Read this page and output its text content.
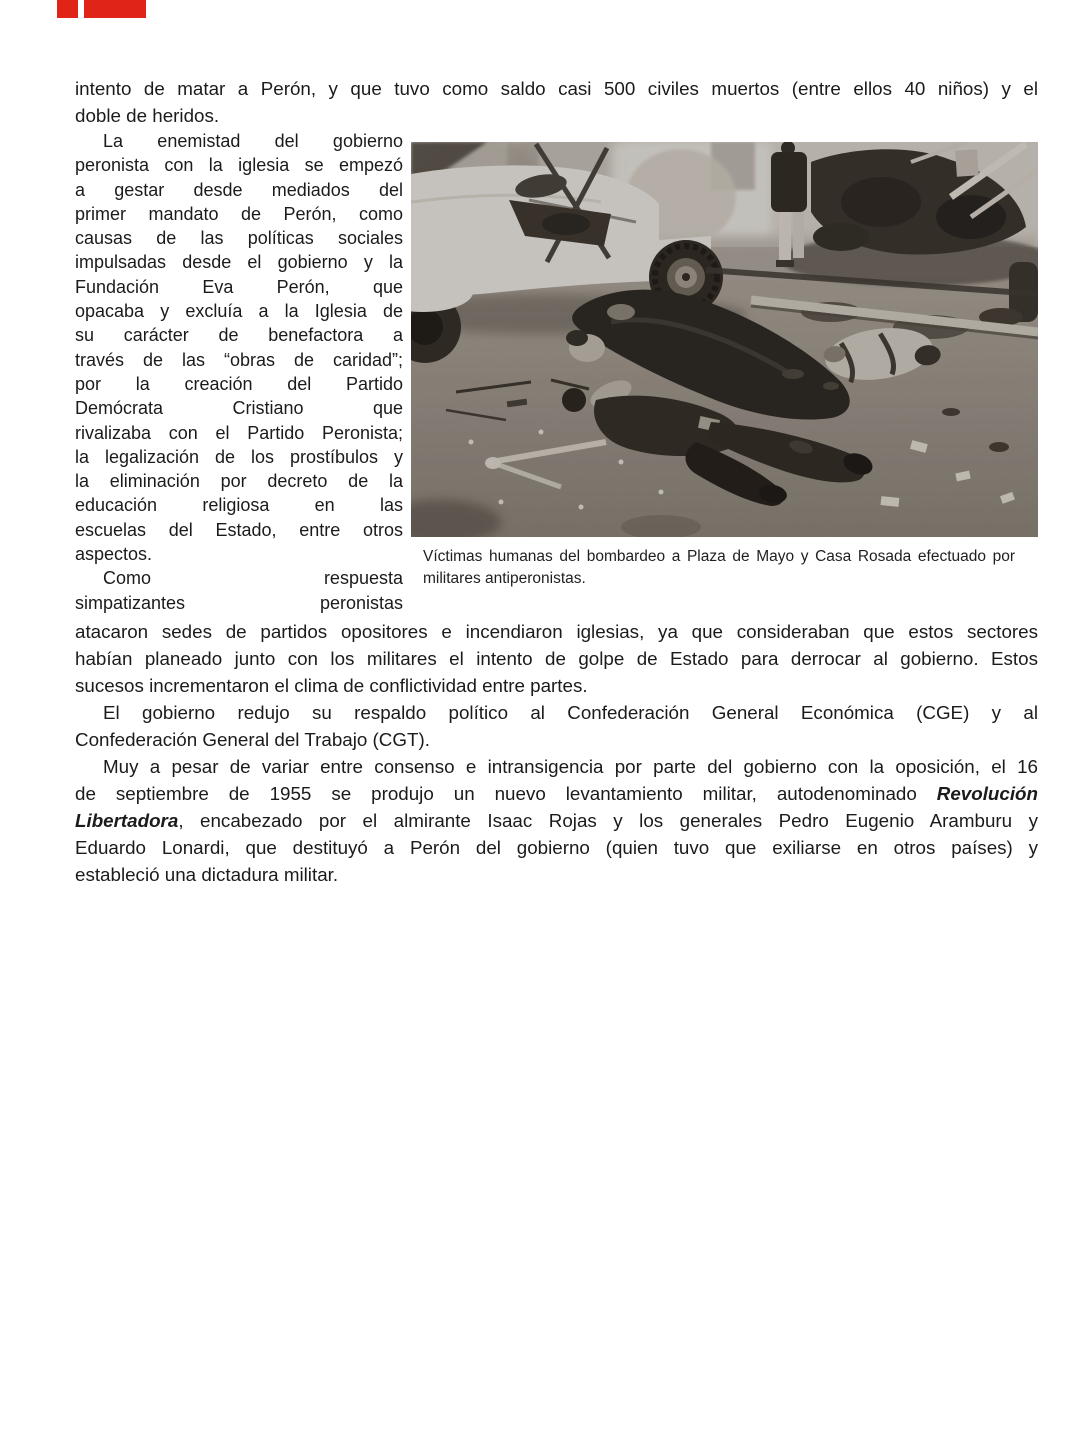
intento de matar a Perón, y que tuvo como saldo casi 500 civiles muertos (entre ellos 40 niños) y el
doble de heridos.
La enemistad del gobierno
peronista con la iglesia se empezó
a gestar desde mediados del
primer mandato de Perón, como
causas de las políticas sociales
impulsadas desde el gobierno y la
Fundación Eva Perón, que
opacaba y excluía a la Iglesia de
su carácter de benefactora a
través de las “obras de caridad”;
por la creación del Partido
Demócrata Cristiano que
rivalizaba con el Partido Peronista;
la legalización de los prostíbulos y
la eliminación por decreto de la
educación religiosa en las
escuelas del Estado, entre otros
aspectos.
Como respuesta
simpatizantes peronistas
Víctimas humanas del bombardeo a Plaza de Mayo y Casa Rosada efectuado por
militares antiperonistas.
atacaron sedes de partidos opositores e incendiaron iglesias, ya que consideraban que estos sectores
habían planeado junto con los militares el intento de golpe de Estado para derrocar al gobierno. Estos
sucesos incrementaron el clima de conflictividad entre partes.
El gobierno redujo su respaldo político al Confederación General Económica (CGE) y al
Confederación General del Trabajo (CGT).
Muy a pesar de variar entre consenso e intransigencia por parte del gobierno con la oposición, el 16
de septiembre de 1955 se produjo un nuevo levantamiento militar, autodenominado Revolución
Libertadora, encabezado por el almirante Isaac Rojas y los generales Pedro Eugenio Aramburu y
Eduardo Lonardi, que destituyó a Perón del gobierno (quien tuvo que exiliarse en otros países) y
estableció una dictadura militar.
